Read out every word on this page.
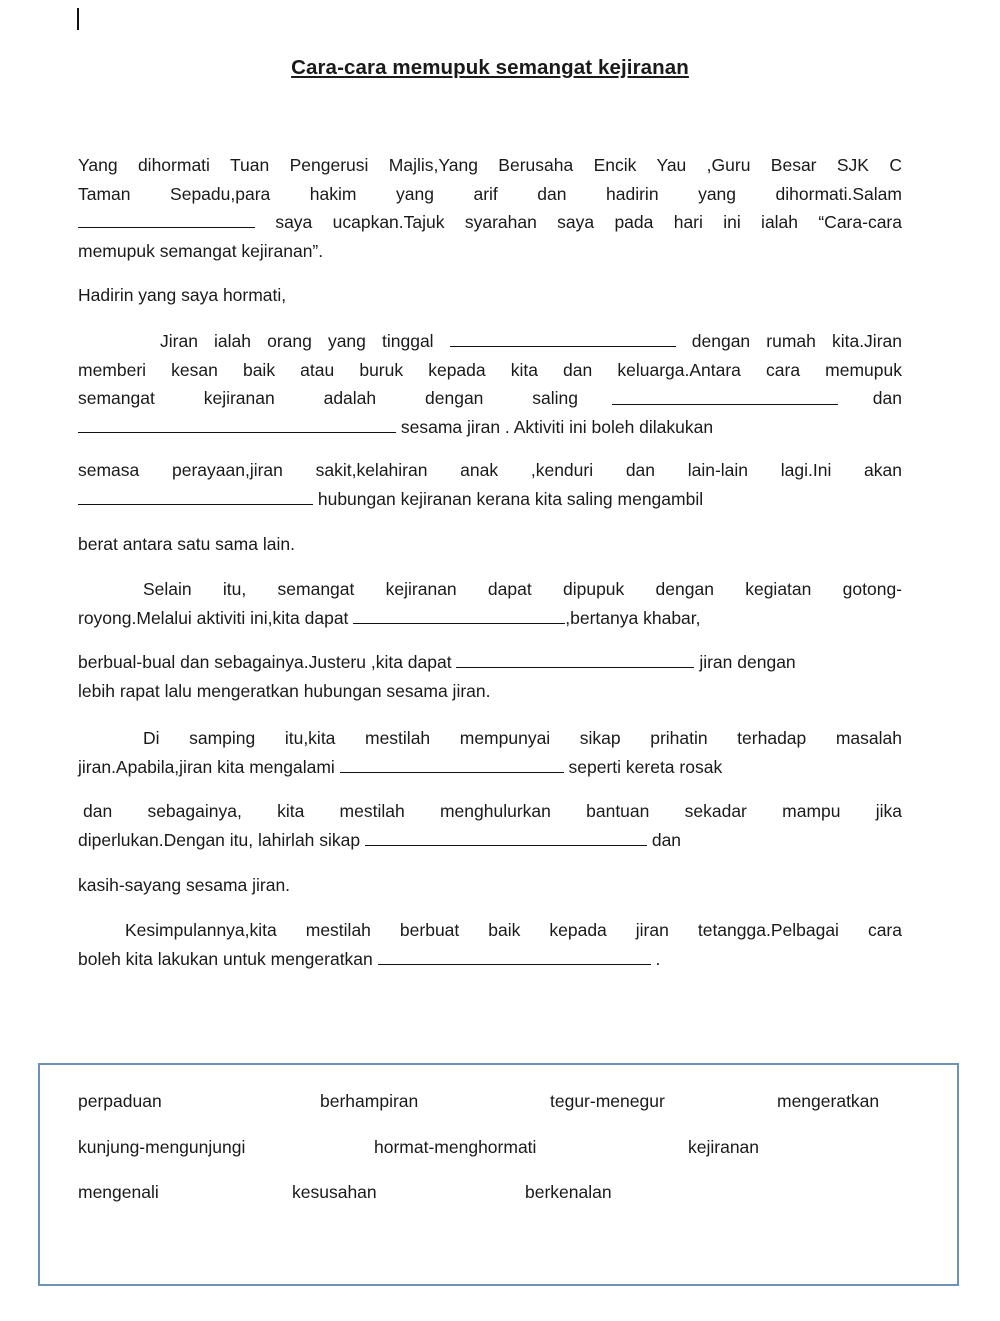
Cara-cara memupuk semangat kejiranan
Yang dihormati Tuan Pengerusi Majlis,Yang Berusaha Encik Yau ,Guru Besar SJK C
Taman Sepadu,para hakim yang arif dan hadirin yang dihormati.Salam
saya ucapkan.Tajuk syarahan saya pada hari ini ialah “Cara-cara
memupuk semangat kejiranan”.
Hadirin yang saya hormati,
Jiran ialah orang yang tinggal	dengan rumah kita.Jiran
memberi kesan baik atau buruk kepada kita dan keluarga.Antara cara memupuk
semangat kejiranan adalah dengan saling	dan
sesama jiran . Aktiviti ini boleh dilakukan
semasa perayaan,jiran sakit,kelahiran anak ,kenduri dan lain-lain lagi.Ini akan
hubungan kejiranan kerana kita saling mengambil
berat antara satu sama lain.
Selain itu, semangat kejiranan dapat dipupuk dengan kegiatan gotong-
royong.Melalui aktiviti ini,kita dapat	,bertanya khabar,
berbual-bual dan sebagainya.Justeru ,kita dapat	jiran dengan
lebih rapat lalu mengeratkan hubungan sesama jiran.
Di samping itu,kita mestilah mempunyai sikap prihatin terhadap masalah
jiran.Apabila,jiran kita mengalami	seperti kereta rosak
dan sebagainya, kita mestilah menghulurkan bantuan sekadar mampu jika
diperlukan.Dengan itu, lahirlah sikap	dan
kasih-sayang sesama jiran.
Kesimpulannya,kita mestilah berbuat baik kepada jiran tetangga.Pelbagai cara
boleh kita lakukan untuk mengeratkan	.
perpaduan	berhampiran	tegur-menegur	mengeratkan
kunjung-mengunjungi	hormat-menghormati	kejiranan
mengenali	kesusahan	berkenalan
